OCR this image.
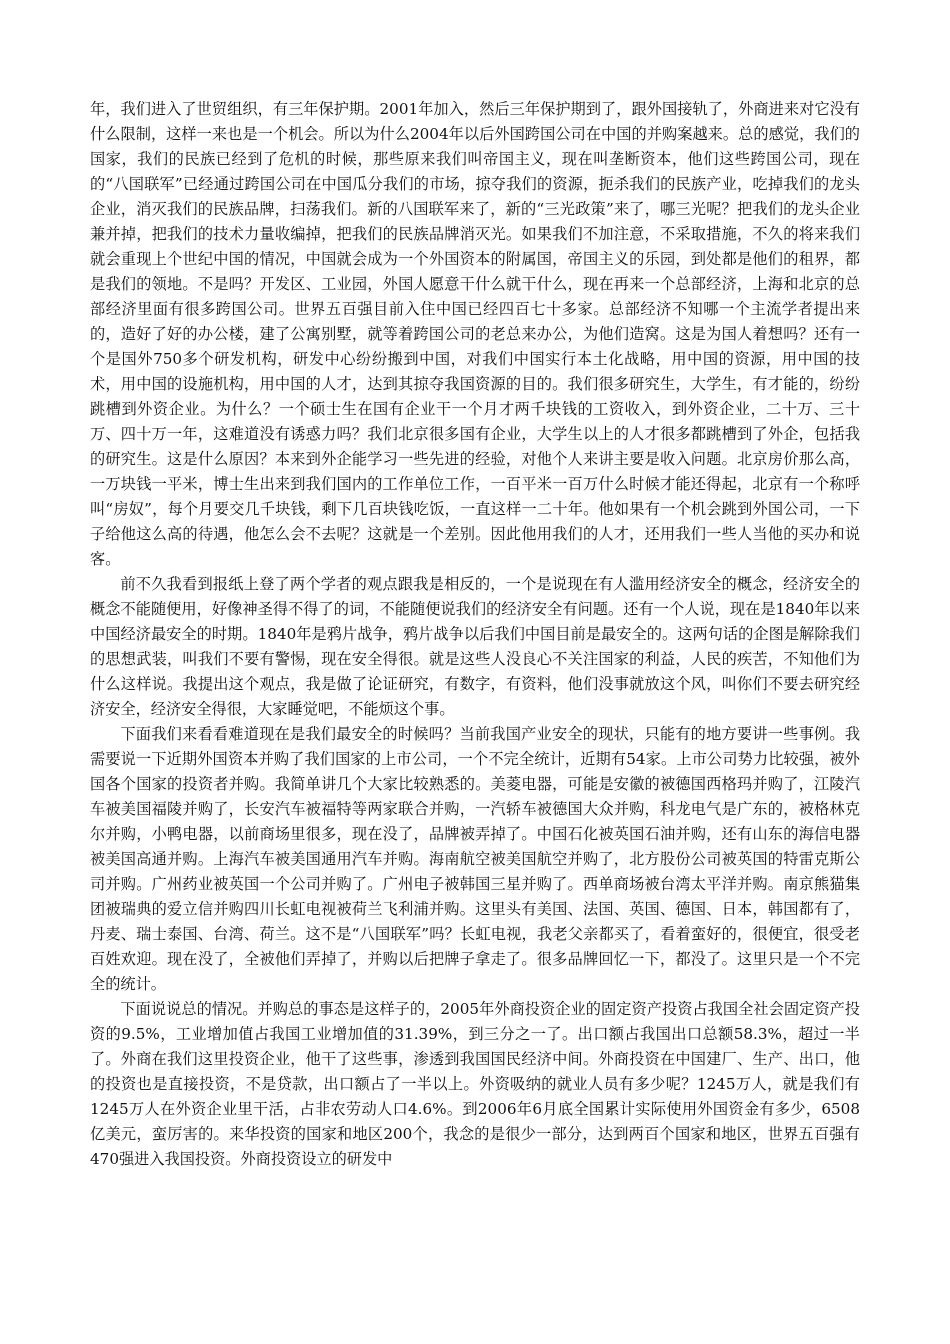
年，我们进入了世贸组织，有三年保护期。2001年加入，然后三年保护期到了，跟外国接轨了，外商进来对它没有什么限制，这样一来也是一个机会。所以为什么2004年以后外国跨国公司在中国的并购案越来。总的感觉，我们的国家，我们的民族已经到了危机的时候，那些原来我们叫帝国主义，现在叫垄断资本，他们这些跨国公司，现在的“八国联军”已经通过跨国公司在中国瓜分我们的市场，掠夺我们的资源，扼杀我们的民族产业，吃掉我们的龙头企业，消灭我们的民族品牌，扫荡我们。新的八国联军来了，新的“三光政策”来了，哪三光呢？把我们的龙头企业兼并掉，把我们的技术力量收编掉，把我们的民族品牌消灭光。如果我们不加注意，不采取措施，不久的将来我们就会重现上个世纪中国的情况，中国就会成为一个外国资本的附属国，帝国主义的乐园，到处都是他们的租界，都是我们的领地。不是吗？开发区、工业园，外国人愿意干什么就干什么，现在再来一个总部经济，上海和北京的总部经济里面有很多跨国公司。世界五百强目前入住中国已经四百七十多家。总部经济不知哪一个主流学者提出来的，造好了好的办公楼，建了公寓别墅，就等着跨国公司的老总来办公，为他们造窝。这是为国人着想吗？还有一个是国外750多个研发机构，研发中心纷纷搬到中国，对我们中国实行本土化战略，用中国的资源，用中国的技术，用中国的设施机构，用中国的人才，达到其掠夺我国资源的目的。我们很多研究生，大学生，有才能的，纷纷跳槽到外资企业。为什么？一个硕士生在国有企业干一个月才两千块钱的工资收入，到外资企业，二十万、三十万、四十万一年，这难道没有诱惑力吗？我们北京很多国有企业，大学生以上的人才很多都跳槽到了外企，包括我的研究生。这是什么原因？本来到外企能学习一些先进的经验，对他个人来讲主要是收入问题。北京房价那么高，一万块钱一平米，博士生出来到我们国内的工作单位工作，一百平米一百万什么时候才能还得起，北京有一个称呼叫“房奴”，每个月要交几千块钱，剩下几百块钱吃饭，一直这样一二十年。他如果有一个机会跳到外国公司，一下子给他这么高的待遇，他怎么会不去呢？这就是一个差别。因此他用我们的人才，还用我们一些人当他的买办和说客。

前不久我看到报纸上登了两个学者的观点跟我是相反的，一个是说现在有人滥用经济安全的概念，经济安全的概念不能随便用，好像神圣得不得了的词，不能随便说我们的经济安全有问题。还有一个人说，现在是1840年以来中国经济最安全的时期。1840年是鸦片战争，鸦片战争以后我们中国目前是最安全的。这两句话的企图是解除我们的思想武装，叫我们不要有警惕，现在安全得很。就是这些人没良心不关注国家的利益，人民的疾苦，不知他们为什么这样说。我提出这个观点，我是做了论证研究，有数字，有资料，他们没事就放这个风，叫你们不要去研究经济安全，经济安全得很，大家睡觉吧，不能烦这个事。

下面我们来看看难道现在是我们最安全的时候吗？当前我国产业安全的现状，只能有的地方要讲一些事例。我需要说一下近期外国资本并购了我们国家的上市公司，一个不完全统计，近期有54家。上市公司势力比较强，被外国各个国家的投资者并购。我简单讲几个大家比较熟悉的。美菱电器，可能是安徽的被德国西格玛并购了，江陵汽车被美国福陵并购了，长安汽车被福特等两家联合并购，一汽轿车被德国大众并购，科龙电气是广东的，被格林克尔并购，小鸭电器，以前商场里很多，现在没了，品牌被弄掉了。中国石化被英国石油并购，还有山东的海信电器被美国高通并购。上海汽车被美国通用汽车并购。海南航空被美国航空并购了，北方股份公司被英国的特雷克斯公司并购。广州药业被英国一个公司并购了。广州电子被韩国三星并购了。西单商场被台湾太平洋并购。南京熊猫集团被瑞典的爱立信并购四川长虹电视被荷兰飞利浦并购。这里头有美国、法国、英国、德国、日本，韩国都有了，丹麦、瑞士泰国、台湾、荷兰。这不是“八国联军”吗？长虹电视，我老父亲都买了，看着蛮好的，很便宜，很受老百姓欢迎。现在没了，全被他们弄掉了，并购以后把牌子拿走了。很多品牌回忆一下，都没了。这里只是一个不完全的统计。

下面说说总的情况。并购总的事态是这样子的，2005年外商投资企业的固定资产投资占我国全社会固定资产投资的9.5%，工业增加值占我国工业增加值的31.39%，到三分之一了。出口额占我国出口总额58.3%，超过一半了。外商在我们这里投资企业，他干了这些事，渗透到我国国民经济中间。外商投资在中国建厂、生产、出口，他的投资也是直接投资，不是贷款，出口额占了一半以上。外资吸纳的就业人员有多少呢？1245万人，就是我们有1245万人在外资企业里干活，占非农劳动人口4.6%。到2006年6月底全国累计实际使用外国资金有多少，6508亿美元，蛮厉害的。来华投资的国家和地区200个，我念的是很少一部分，达到两百个国家和地区，世界五百强有470强进入我国投资。外商投资设立的研发中
